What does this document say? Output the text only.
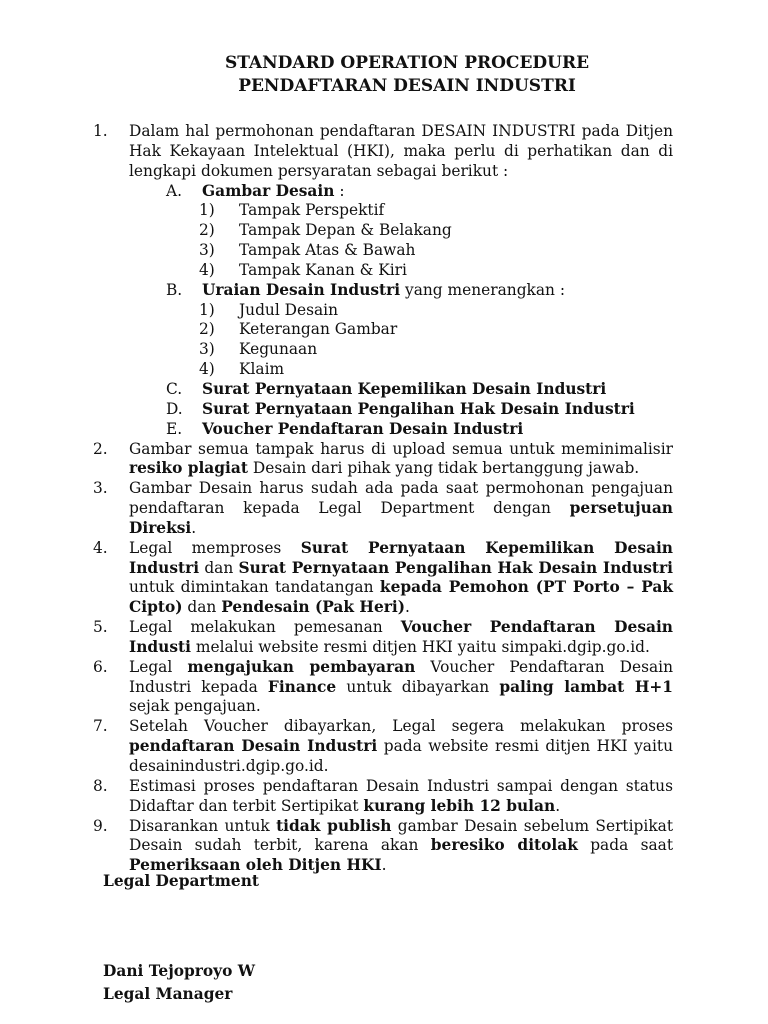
STANDARD OPERATION PROCEDURE
PENDAFTARAN DESAIN INDUSTRI
1. Dalam hal permohonan pendaftaran DESAIN INDUSTRI pada Ditjen Hak Kekayaan Intelektual (HKI), maka perlu di perhatikan dan di lengkapi dokumen persyaratan sebagai berikut :
A. Gambar Desain :
1) Tampak Perspektif
2) Tampak Depan & Belakang
3) Tampak Atas & Bawah
4) Tampak Kanan & Kiri
B. Uraian Desain Industri yang menerangkan :
1) Judul Desain
2) Keterangan Gambar
3) Kegunaan
4) Klaim
C. Surat Pernyataan Kepemilikan Desain Industri
D. Surat Pernyataan Pengalihan Hak Desain Industri
E. Voucher Pendaftaran Desain Industri
2. Gambar semua tampak harus di upload semua untuk meminimalisir resiko plagiat Desain dari pihak yang tidak bertanggung jawab.
3. Gambar Desain harus sudah ada pada saat permohonan pengajuan pendaftaran kepada Legal Department dengan persetujuan Direksi.
4. Legal memproses Surat Pernyataan Kepemilikan Desain Industri dan Surat Pernyataan Pengalihan Hak Desain Industri untuk dimintakan tandatangan kepada Pemohon (PT Porto – Pak Cipto) dan Pendesain (Pak Heri).
5. Legal melakukan pemesanan Voucher Pendaftaran Desain Industi melalui website resmi ditjen HKI yaitu simpaki.dgip.go.id.
6. Legal mengajukan pembayaran Voucher Pendaftaran Desain Industri kepada Finance untuk dibayarkan paling lambat H+1 sejak pengajuan.
7. Setelah Voucher dibayarkan, Legal segera melakukan proses pendaftaran Desain Industri pada website resmi ditjen HKI yaitu desainindustri.dgip.go.id.
8. Estimasi proses pendaftaran Desain Industri sampai dengan status Didaftar dan terbit Sertipikat kurang lebih 12 bulan.
9. Disarankan untuk tidak publish gambar Desain sebelum Sertipikat Desain sudah terbit, karena akan beresiko ditolak pada saat Pemeriksaan oleh Ditjen HKI.
Legal Department
Dani Tejoproyo W
Legal Manager
